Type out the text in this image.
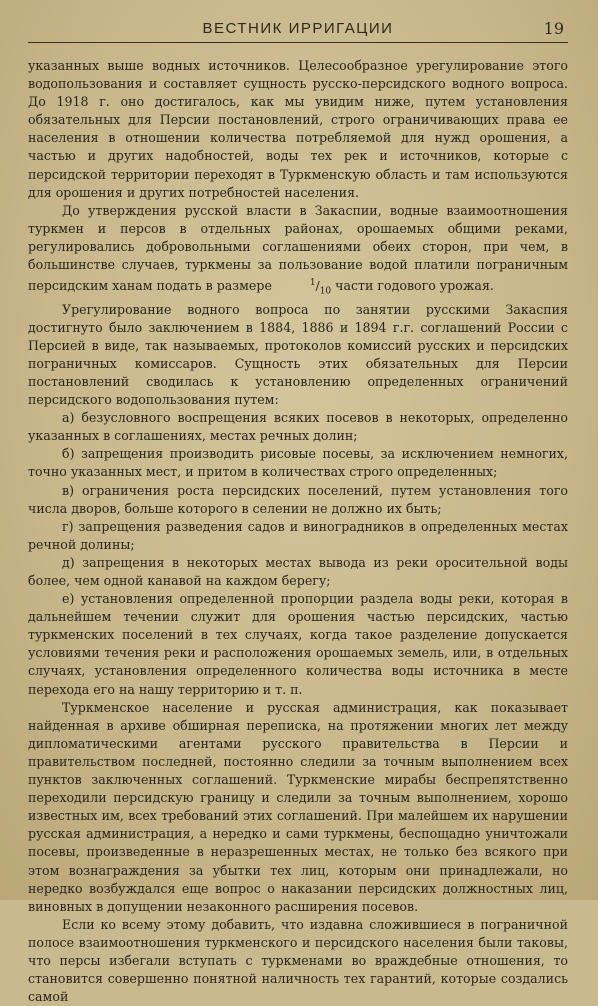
ВЕСТНИК ИРРИГАЦИИ	19

указанных выше водных источников. Целесообразное урегулирование этого водопользования и составляет сущность русско-персидского водного вопроса. До 1918 г. оно достигалось, как мы увидим ниже, путем установления обязательных для Персии постановлений, строго ограничивающих права ее населения в отношении количества потребляемой для нужд орошения, а частью и других надобностей, воды тех рек и источников, которые с персидской территории переходят в Туркменскую область и там используются для орошения и других потребностей населения.

До утверждения русской власти в Закаспии, водные взаимоотношения туркмен и персов в отдельных районах, орошаемых общими реками, регулировались добровольными соглашениями обеих сторон, при чем, в большинстве случаев, туркмены за пользование водой платили пограничным персидским ханам подать в размере	$^1/_{10}$ части годового урожая.

Урегулирование водного вопроса по занятии русскими Закаспия достигнуто было заключением в 1884, 1886 и 1894 г.г. соглашений России с Персией в виде, так называемых, протоколов комиссий русских и персидских пограничных комиссаров. Сущность этих обязательных для Персии постановлений сводилась к установлению определенных ограничений персидского водопользования путем:

а) безусловного воспрещения всяких посевов в некоторых, определенно указанных в соглашениях, местах речных долин;

б) запрещения производить рисовые посевы, за исключением немногих, точно указанных мест, и притом в количествах строго определенных;

в) ограничения роста персидских поселений, путем установления того числа дворов, больше которого в селении не должно их быть;

г) запрещения разведения садов и виноградников в определенных местах речной долины;

д) запрещения в некоторых местах вывода из реки оросительной воды более, чем одной канавой на каждом берегу;

е) установления определенной пропорции раздела воды реки, которая в дальнейшем течении служит для орошения частью персидских, частью туркменских поселений в тех случаях, когда такое разделение допускается условиями течения реки и расположения орошаемых земель, или, в отдельных случаях, установления определенного количества воды источника в месте перехода его на нашу территорию и т. п.

Туркменское население и русская администрация, как показывает найденная в архиве обширная переписка, на протяжении многих лет между дипломатическими агентами русского правительства в Персии и правительством последней, постоянно следили за точным выполнением всех пунктов заключенных соглашений. Туркменские мирабы беспрепятственно переходили персидскую границу и следили за точным выполнением, хорошо известных им, всех требований этих соглашений. При малейшем их нарушении русская администрация, а нередко и сами туркмены, беспощадно уничтожали посевы, произведенные в неразрешенных местах, не только без всякого при этом вознаграждения за убытки тех лиц, которым они принадлежали, но нередко возбуждался еще вопрос о наказании персидских должностных лиц, виновных в допущении незаконного расширения посевов.

Если ко всему этому добавить, что издавна сложившиеся в пограничной полосе взаимоотношения туркменского и персидского населения были таковы, что персы избегали вступать с туркменами во враждебные отношения, то становится совершенно понятной наличность тех гарантий, которые создались самой
